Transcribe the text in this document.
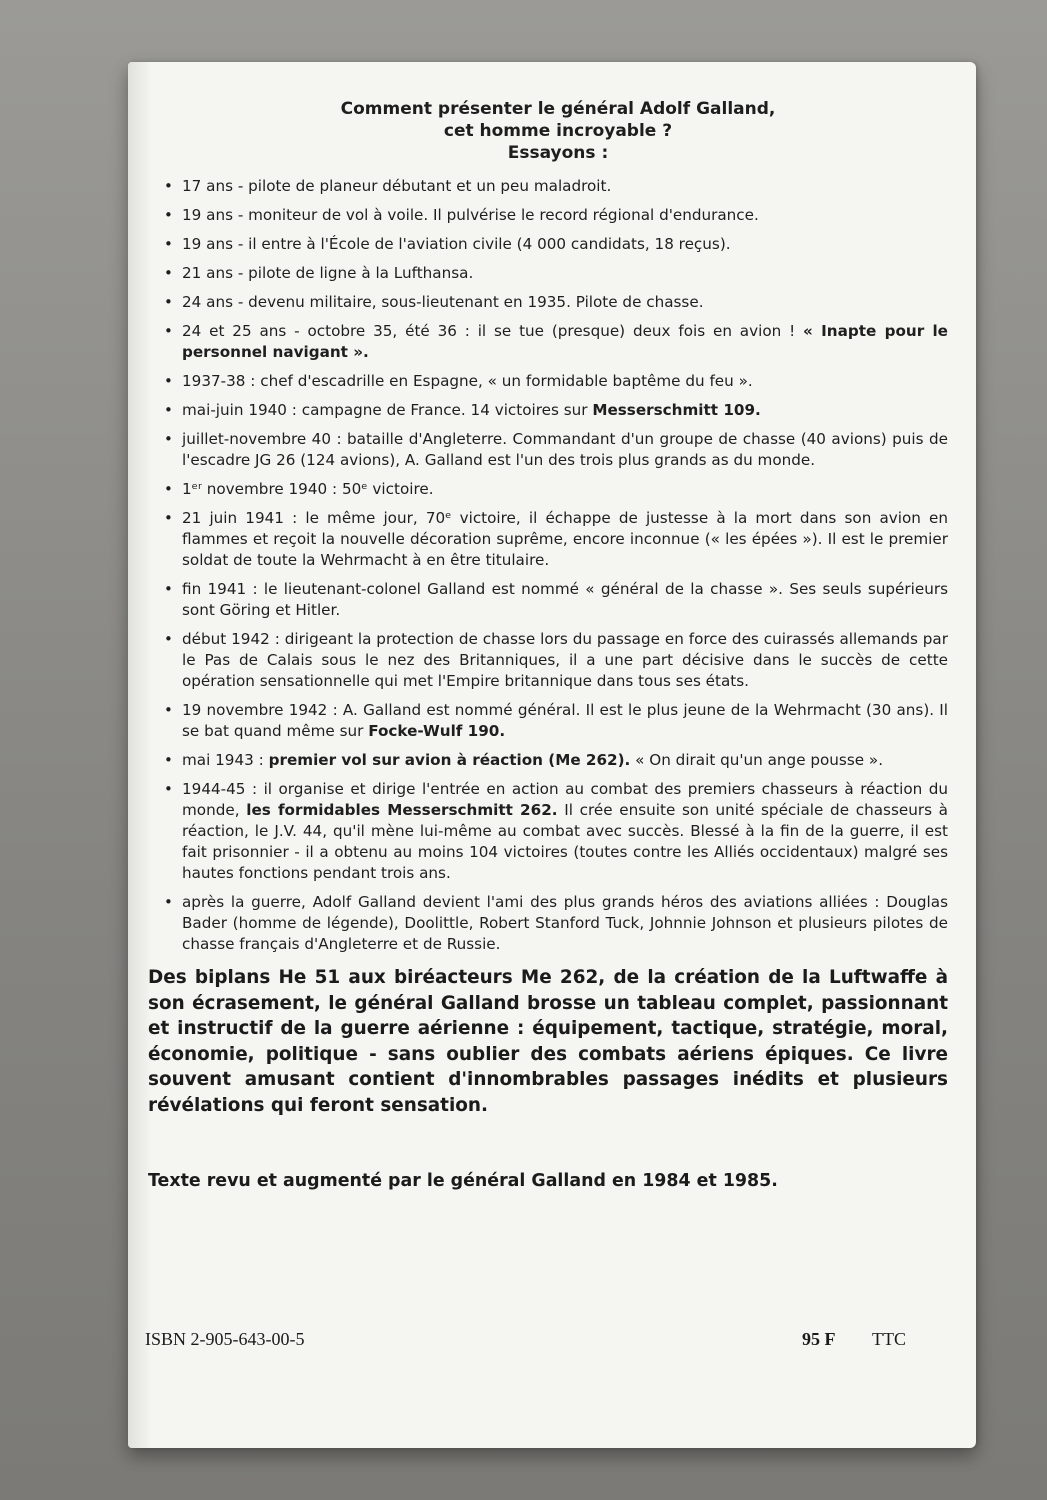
Comment présenter le général Adolf Galland,

cet homme incroyable ?

Essayons :

• 17 ans - pilote de planeur débutant et un peu maladroit.
• 19 ans - moniteur de vol à voile. Il pulvérise le record régional d'endurance.
• 19 ans - il entre à l'École de l'aviation civile (4 000 candidats, 18 reçus).
• 21 ans - pilote de ligne à la Lufthansa.
• 24 ans - devenu militaire, sous-lieutenant en 1935. Pilote de chasse.
• 24 et 25 ans - octobre 35, été 36 : il se tue (presque) deux fois en avion ! « Inapte pour le personnel navigant ».
• 1937-38 : chef d'escadrille en Espagne, « un formidable baptême du feu ».
• mai-juin 1940 : campagne de France. 14 victoires sur Messerschmitt 109.
• juillet-novembre 40 : bataille d'Angleterre. Commandant d'un groupe de chasse (40 avions) puis de l'escadre JG 26 (124 avions), A. Galland est l'un des trois plus grands as du monde.
• 1ᵉʳ novembre 1940 : 50ᵉ victoire.
• 21 juin 1941 : le même jour, 70ᵉ victoire, il échappe de justesse à la mort dans son avion en flammes et reçoit la nouvelle décoration suprême, encore inconnue (« les épées »). Il est le premier soldat de toute la Wehrmacht à en être titulaire.
• fin 1941 : le lieutenant-colonel Galland est nommé « général de la chasse ». Ses seuls supérieurs sont Göring et Hitler.
• début 1942 : dirigeant la protection de chasse lors du passage en force des cuirassés allemands par le Pas de Calais sous le nez des Britanniques, il a une part décisive dans le succès de cette opération sensationnelle qui met l'Empire britannique dans tous ses états.
• 19 novembre 1942 : A. Galland est nommé général. Il est le plus jeune de la Wehrmacht (30 ans). Il se bat quand même sur Focke-Wulf 190.
• mai 1943 : premier vol sur avion à réaction (Me 262). « On dirait qu'un ange pousse ».
• 1944-45 : il organise et dirige l'entrée en action au combat des premiers chasseurs à réaction du monde, les formidables Messerschmitt 262. Il crée ensuite son unité spéciale de chasseurs à réaction, le J.V. 44, qu'il mène lui-même au combat avec succès. Blessé à la fin de la guerre, il est fait prisonnier - il a obtenu au moins 104 victoires (toutes contre les Alliés occidentaux) malgré ses hautes fonctions pendant trois ans.
• après la guerre, Adolf Galland devient l'ami des plus grands héros des aviations alliées : Douglas Bader (homme de légende), Doolittle, Robert Stanford Tuck, Johnnie Johnson et plusieurs pilotes de chasse français d'Angleterre et de Russie.

Des biplans He 51 aux biréacteurs Me 262, de la création de la Luftwaffe à son écrasement, le général Galland brosse un tableau complet, passionnant et instructif de la guerre aérienne : équipement, tactique, stratégie, moral, économie, politique - sans oublier des combats aériens épiques. Ce livre souvent amusant contient d'innombrables passages inédits et plusieurs révélations qui feront sensation.

Texte revu et augmenté par le général Galland en 1984 et 1985.

ISBN 2-905-643-00-5	95 F TTC
